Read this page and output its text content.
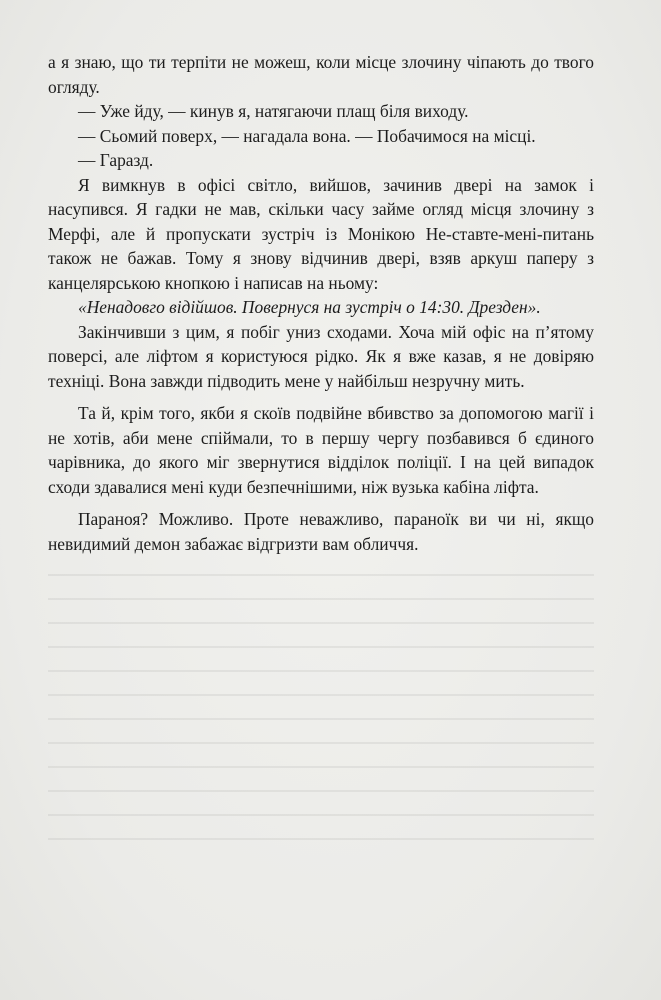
а я знаю, що ти терпіти не можеш, коли місце злочину чіпають до твого огляду.

— Уже йду, — кинув я, натягаючи плащ біля виходу.

— Сьомий поверх, — нагадала вона. — Побачимося на місці.

— Гаразд.

Я вимкнув в офісі світло, вийшов, зачинив двері на замок і насупився. Я гадки не мав, скільки часу займе огляд місця злочину з Мерфі, але й пропускати зустріч із Монікою Не-ставте-мені-питань також не бажав. Тому я знову відчинив двері, взяв аркуш паперу з канцелярською кнопкою і написав на ньому:

«Ненадовго відійшов. Повернуся на зустріч о 14:30. Дрезден».

Закінчивши з цим, я побіг униз сходами. Хоча мій офіс на п’ятому поверсі, але ліфтом я користуюся рідко. Як я вже казав, я не довіряю техніці. Вона завжди підводить мене у найбільш незручну мить.

Та й, крім того, якби я скоїв подвійне вбивство за допомогою магії і не хотів, аби мене спіймали, то в першу чергу позбавився б єдиного чарівника, до якого міг звернутися відділок поліції. І на цей випадок сходи здавалися мені куди безпечнішими, ніж вузька кабіна ліфта.

Параноя? Можливо. Проте неважливо, параноїк ви чи ні, якщо невидимий демон забажає відгризти вам обличчя.
